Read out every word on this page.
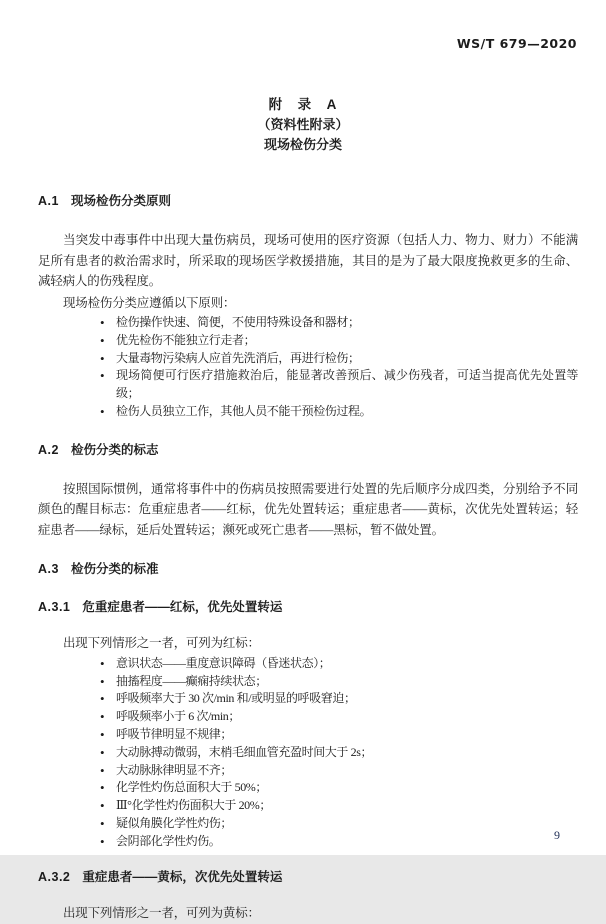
WS/T 679—2020
附　录　A
（资料性附录）
现场检伤分类
A.1 现场检伤分类原则

当突发中毒事件中出现大量伤病员，现场可使用的医疗资源（包括人力、物力、财力）不能满足所有患者的救治需求时，所采取的现场医学救援措施，其目的是为了最大限度挽救更多的生命、减轻病人的伤残程度。

现场检伤分类应遵循以下原则：

• 检伤操作快速、简便，不使用特殊设备和器材；
• 优先检伤不能独立行走者；
• 大量毒物污染病人应首先洗消后，再进行检伤；
• 现场简便可行医疗措施救治后，能显著改善预后、减少伤残者，可适当提高优先处置等级；
• 检伤人员独立工作，其他人员不能干预检伤过程。
A.2 检伤分类的标志

按照国际惯例，通常将事件中的伤病员按照需要进行处置的先后顺序分成四类，分别给予不同颜色的醒目标志：危重症患者——红标，优先处置转运；重症患者——黄标，次优先处置转运；轻症患者——绿标，延后处置转运；濒死或死亡患者——黑标，暂不做处置。

A.3 检伤分类的标准
A.3.1 危重症患者——红标，优先处置转运

出现下列情形之一者，可列为红标：

• 意识状态——重度意识障碍（昏迷状态）；
• 抽搐程度——癫痫持续状态；
• 呼吸频率大于 30 次/min 和/或明显的呼吸窘迫；
• 呼吸频率小于 6 次/min；
• 呼吸节律明显不规律；
• 大动脉搏动微弱，末梢毛细血管充盈时间大于 2s；
• 大动脉脉律明显不齐；
• 化学性灼伤总面积大于 50%；
• Ⅲ°化学性灼伤面积大于 20%；
• 疑似角膜化学性灼伤；
• 会阴部化学性灼伤。
A.3.2 重症患者——黄标，次优先处置转运

出现下列情形之一者，可列为黄标：

9
